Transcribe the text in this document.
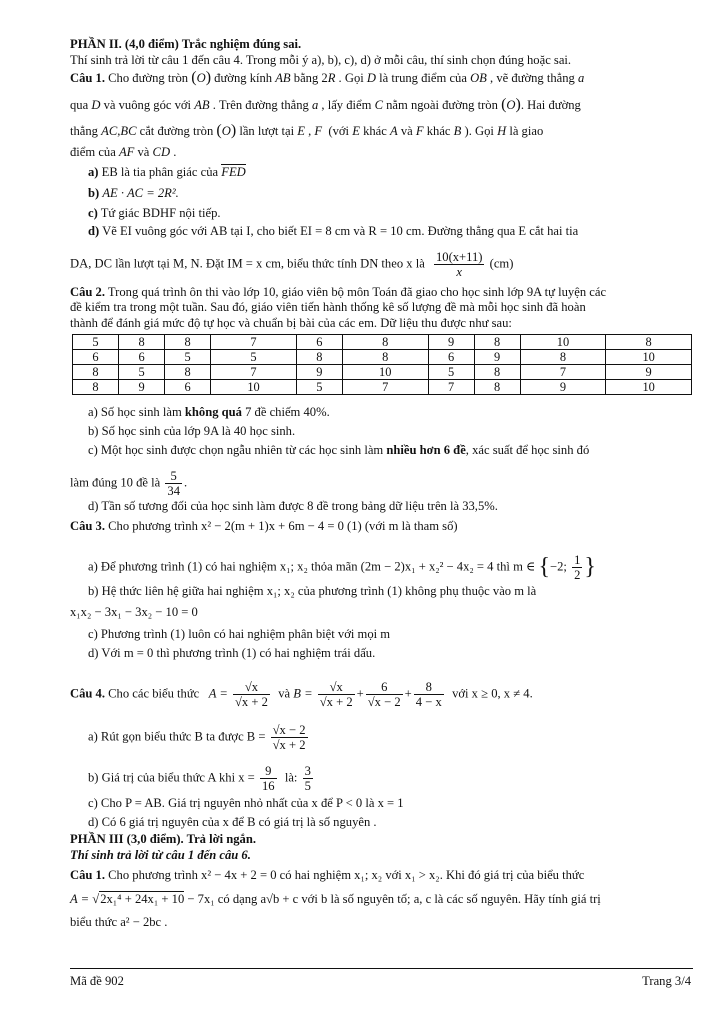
PHẦN II. (4,0 điểm) Trắc nghiệm đúng sai.
Thí sinh trả lời từ câu 1 đến câu 4. Trong mỗi ý a), b), c), d) ở mỗi câu, thí sinh chọn đúng hoặc sai.
Câu 1. Cho đường tròn (O) đường kính AB bằng 2R . Gọi D là trung điểm của OB , vẽ đường thẳng a
qua D và vuông góc với AB . Trên đường thẳng a , lấy điểm C nằm ngoài đường tròn (O). Hai đường
thẳng AC,BC cắt đường tròn (O) lần lượt tại E , F  (với E khác A và F khác B ). Gọi H là giao
điểm của AF và CD .
a) EB là tia phân giác của FED
b) AE · AC = 2R².
c) Tứ giác BDHF nội tiếp.
d) Vẽ EI vuông góc với AB tại I, cho biết EI = 8 cm và R = 10 cm. Đường thẳng qua E cắt hai tia
DA, DC lần lượt tại M, N. Đặt IM = x cm, biểu thức tính DN theo x là $\frac{10(x+11)}{x} (cm)$
Câu 2. Trong quá trình ôn thi vào lớp 10, giáo viên bộ môn Toán đã giao cho học sinh lớp 9A tự luyện các
đề kiểm tra trong một tuần. Sau đó, giáo viên tiến hành thống kê số lượng đề mà mỗi học sinh đã hoàn
thành để đánh giá mức độ tự học và chuẩn bị bài của các em. Dữ liệu thu được như sau:
5	8	8	7	6	8	9	8	10	8
6	6	5	5	8	8	6	9	8	10
8	5	8	7	9	10	5	8	7	9
8	9	6	10	5	7	7	8	9	10
a) Số học sinh làm không quá 7 đề chiếm 40%.
b) Số học sinh của lớp 9A là 40 học sinh.
c) Một học sinh được chọn ngẫu nhiên từ các học sinh làm nhiều hơn 6 đề, xác suất để học sinh đó
làm đúng 10 đề là $\frac{5}{34}$ .
d) Tần số tương đối của học sinh làm được 8 đề trong bảng dữ liệu trên là 33,5%.
Câu 3. Cho phương trình x² − 2(m + 1)x + 6m − 4 = 0 (1) (với m là tham số)
a) Để phương trình (1) có hai nghiệm x₁; x₂ thỏa mãn (2m − 2)x₁ + x₂² − 4x₂ = 4 thì m ∈ {−2; $\frac{1}{2}$ }
b) Hệ thức liên hệ giữa hai nghiệm x₁; x₂ của phương trình (1) không phụ thuộc vào m là
x₁x₂ − 3x₁ − 3x₂ − 10 = 0
c) Phương trình (1) luôn có hai nghiệm phân biệt với mọi m
d) Với m = 0 thì phương trình (1) có hai nghiệm trái dấu.
Câu 4. Cho các biểu thức $A = \frac{√x}{√x + 2}$ và $B = \frac{√x}{√x + 2} + \frac{6}{√x - 2} + \frac{8}{4 - x}$ với x ≥ 0, x ≠ 4.
a) Rút gọn biểu thức B ta được $B = \frac{√x - 2}{√x + 2}$
b) Giá trị của biểu thức A khi $x = \frac{9}{16}$ là: $\frac{3}{5}$
c) Cho P = AB. Giá trị nguyên nhỏ nhất của x để P < 0 là x = 1
d) Có 6 giá trị nguyên của x để B có giá trị là số nguyên .
PHẦN III (3,0 điểm). Trả lời ngắn.
Thí sinh trả lời từ câu 1 đến câu 6.
Câu 1. Cho phương trình x² − 4x + 2 = 0 có hai nghiệm x₁; x₂ với x₁ > x₂. Khi đó giá trị của biểu thức
A = √2x₁⁴ + 24x₁ + 10 − 7x₁ có dạng a√b + c với b là số nguyên tố; a, c là các số nguyên. Hãy tính giá trị
biểu thức a² − 2bc .
Mã đề 902	Trang 3/4
